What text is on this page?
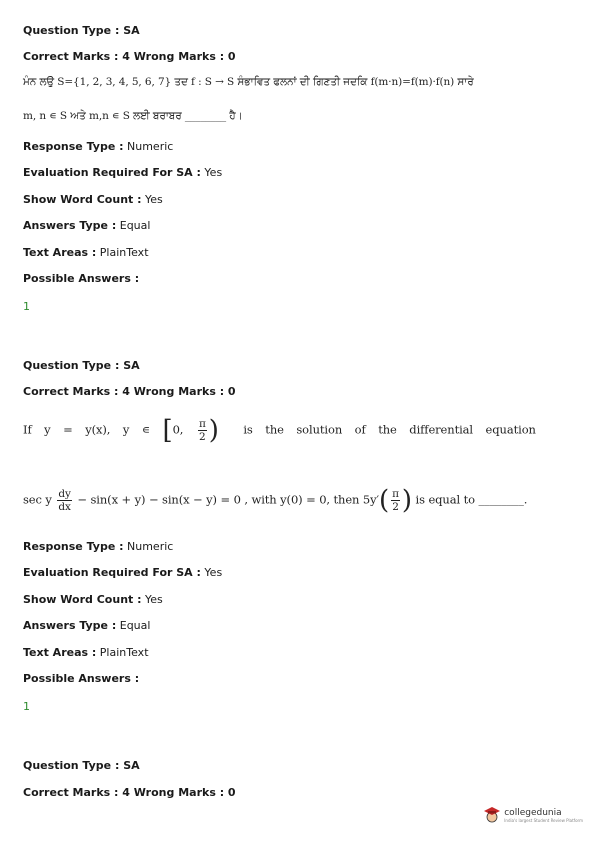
Question Type : SA
Correct Marks : 4 Wrong Marks : 0
ਮੰਨ ਲਉ S={1, 2, 3, 4, 5, 6, 7} ਤਦ f : S → S ਸੰਭਾਵਿਤ ਫਲਨਾਂ ਦੀ ਗਿਣਤੀ ਜਦਕਿ f(m·n)=f(m)·f(n) ਸਾਰੇ
m, n ∊ S ਅਤੇ m,n ∊ S ਲਈ ਬਰਾਬਰ ________ ਹੈ।
Response Type : Numeric
Evaluation Required For SA : Yes
Show Word Count : Yes
Answers Type : Equal
Text Areas : PlainText
Possible Answers :
1
Question Type : SA
Correct Marks : 4 Wrong Marks : 0
If y = y(x), y ∊ [0, $\frac{\pi}{2}$ ) is the solution of the differential equation
sec y $\frac{dy}{dx} - \sin(x + y) - \sin(x - y) = 0$ , with y(0) = 0, then $5y'( \frac{\pi}{2}$ ) is equal to ________.
Response Type : Numeric
Evaluation Required For SA : Yes
Show Word Count : Yes
Answers Type : Equal
Text Areas : PlainText
Possible Answers :
1
Question Type : SA
Correct Marks : 4 Wrong Marks : 0
collegedunia
India's largest Student Review Platform
